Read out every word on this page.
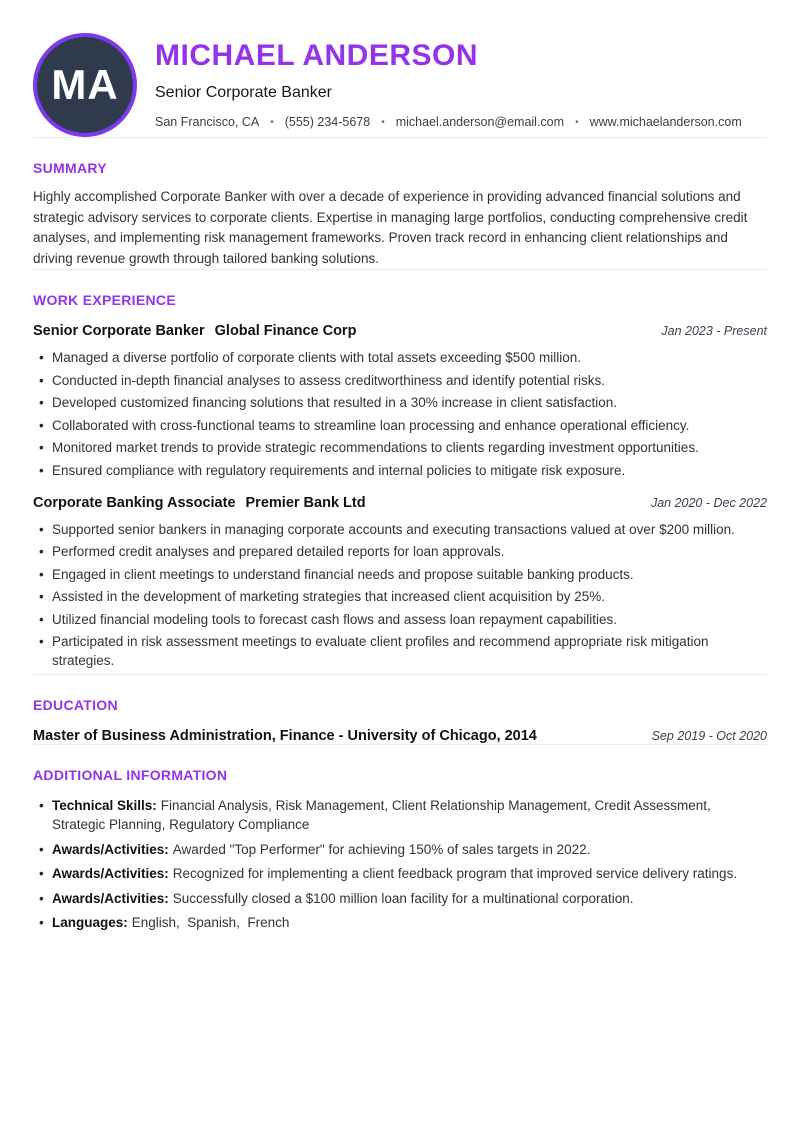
MA
MICHAEL ANDERSON
Senior Corporate Banker
San Francisco, CA • (555) 234-5678 • michael.anderson@email.com • www.michaelanderson.com
SUMMARY

Highly accomplished Corporate Banker with over a decade of experience in providing advanced financial solutions and strategic advisory services to corporate clients. Expertise in managing large portfolios, conducting comprehensive credit analyses, and implementing risk management frameworks. Proven track record in enhancing client relationships and driving revenue growth through tailored banking solutions.

WORK EXPERIENCE
Senior Corporate Banker Global Finance Corp	Jan 2023 - Present
• Managed a diverse portfolio of corporate clients with total assets exceeding $500 million.
• Conducted in-depth financial analyses to assess creditworthiness and identify potential risks.
• Developed customized financing solutions that resulted in a 30% increase in client satisfaction.
• Collaborated with cross-functional teams to streamline loan processing and enhance operational efficiency.
• Monitored market trends to provide strategic recommendations to clients regarding investment opportunities.
• Ensured compliance with regulatory requirements and internal policies to mitigate risk exposure.
Corporate Banking Associate Premier Bank Ltd	Jan 2020 - Dec 2022
• Supported senior bankers in managing corporate accounts and executing transactions valued at over $200 million.
• Performed credit analyses and prepared detailed reports for loan approvals.
• Engaged in client meetings to understand financial needs and propose suitable banking products.
• Assisted in the development of marketing strategies that increased client acquisition by 25%.
• Utilized financial modeling tools to forecast cash flows and assess loan repayment capabilities.
• Participated in risk assessment meetings to evaluate client profiles and recommend appropriate risk mitigation strategies.
EDUCATION
Master of Business Administration, Finance - University of Chicago, 2014	Sep 2019 - Oct 2020
ADDITIONAL INFORMATION
• Technical Skills: Financial Analysis, Risk Management, Client Relationship Management, Credit Assessment, Strategic Planning, Regulatory Compliance
• Awards/Activities: Awarded "Top Performer" for achieving 150% of sales targets in 2022.
• Awards/Activities: Recognized for implementing a client feedback program that improved service delivery ratings.
• Awards/Activities: Successfully closed a $100 million loan facility for a multinational corporation.
• Languages: English,  Spanish,  French
